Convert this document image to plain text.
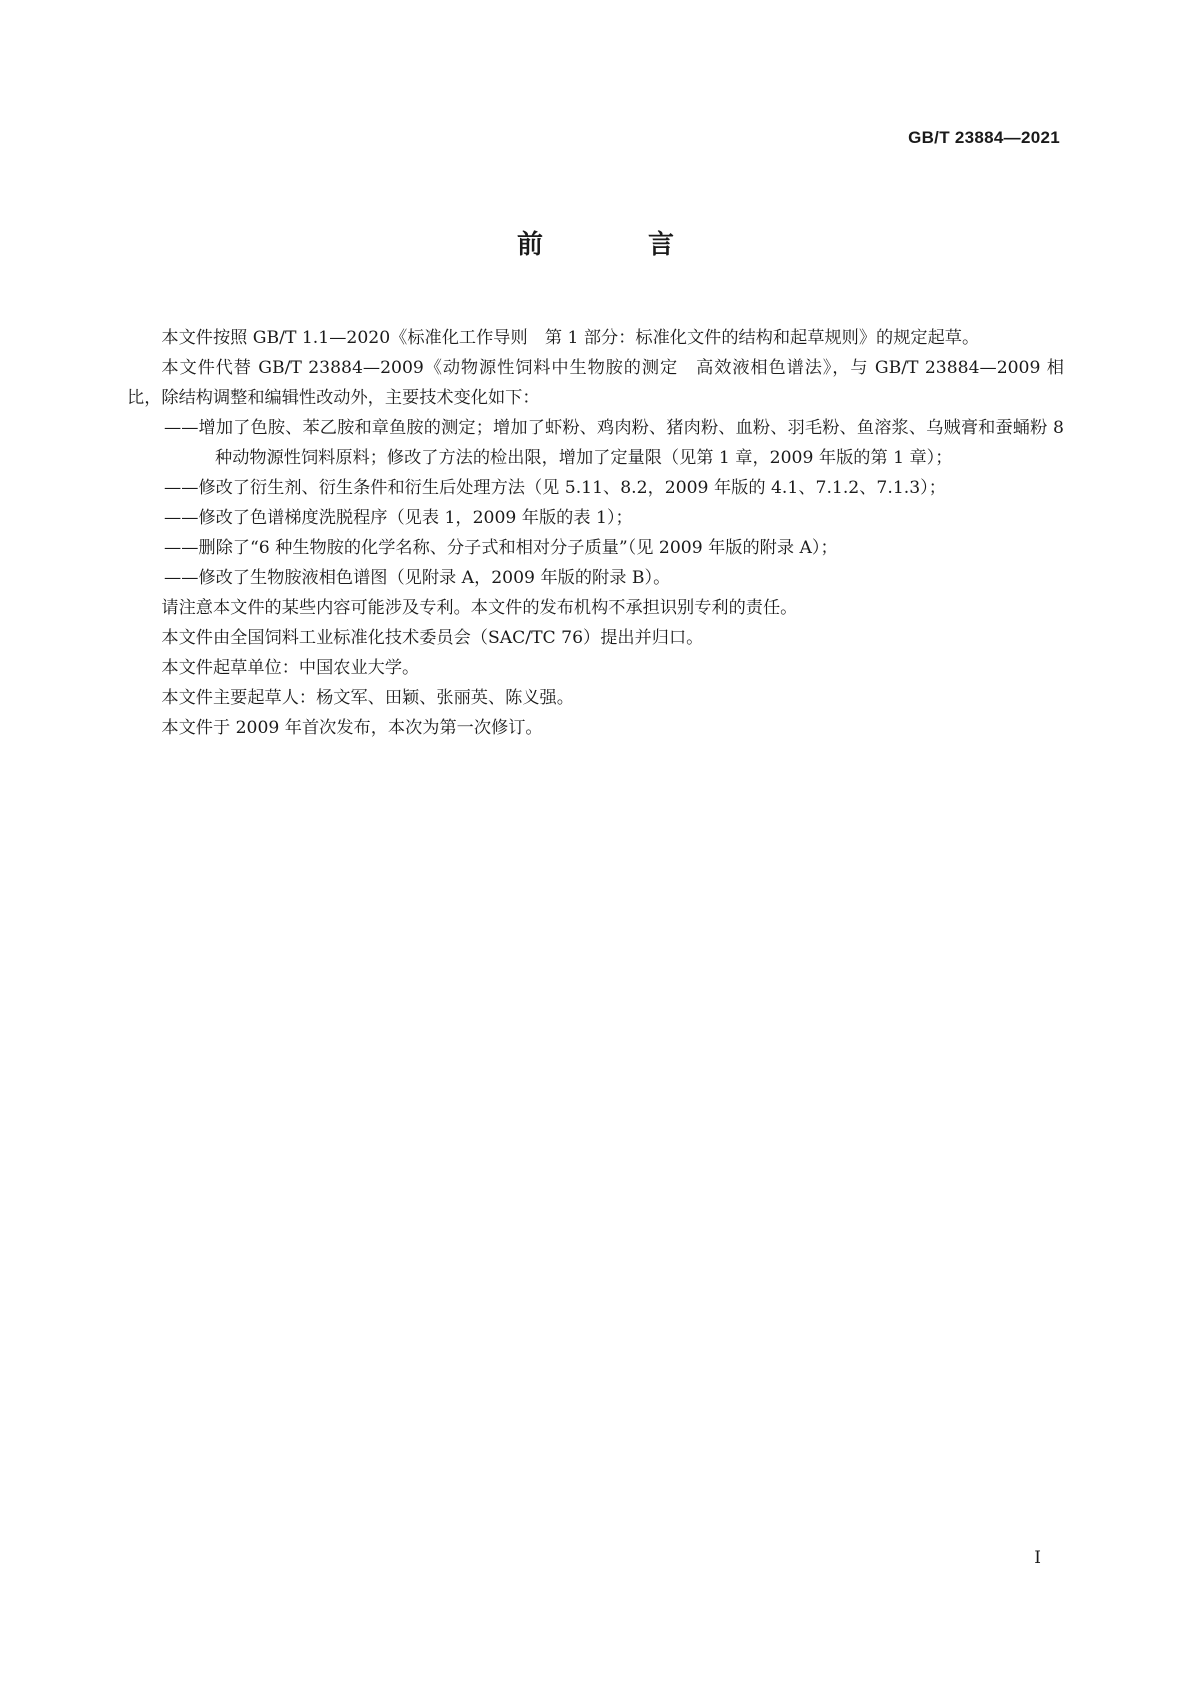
GB/T 23884—2021
前 言

本文件按照 GB/T 1.1—2020《标准化工作导则　第 1 部分：标准化文件的结构和起草规则》的规定起草。

本文件代替 GB/T 23884—2009《动物源性饲料中生物胺的测定　高效液相色谱法》，与 GB/T 23884—2009 相比，除结构调整和编辑性改动外，主要技术变化如下：

——增加了色胺、苯乙胺和章鱼胺的测定；增加了虾粉、鸡肉粉、猪肉粉、血粉、羽毛粉、鱼溶浆、乌贼膏和蚕蛹粉 8 种动物源性饲料原料；修改了方法的检出限，增加了定量限（见第 1 章，2009 年版的第 1 章）；

——修改了衍生剂、衍生条件和衍生后处理方法（见 5.11、8.2，2009 年版的 4.1、7.1.2、7.1.3）；

——修改了色谱梯度洗脱程序（见表 1，2009 年版的表 1）；

——删除了“6 种生物胺的化学名称、分子式和相对分子质量”（见 2009 年版的附录 A）；

——修改了生物胺液相色谱图（见附录 A，2009 年版的附录 B）。

请注意本文件的某些内容可能涉及专利。本文件的发布机构不承担识别专利的责任。

本文件由全国饲料工业标准化技术委员会（SAC/TC 76）提出并归口。

本文件起草单位：中国农业大学。

本文件主要起草人：杨文军、田颖、张丽英、陈义强。

本文件于 2009 年首次发布，本次为第一次修订。

I
